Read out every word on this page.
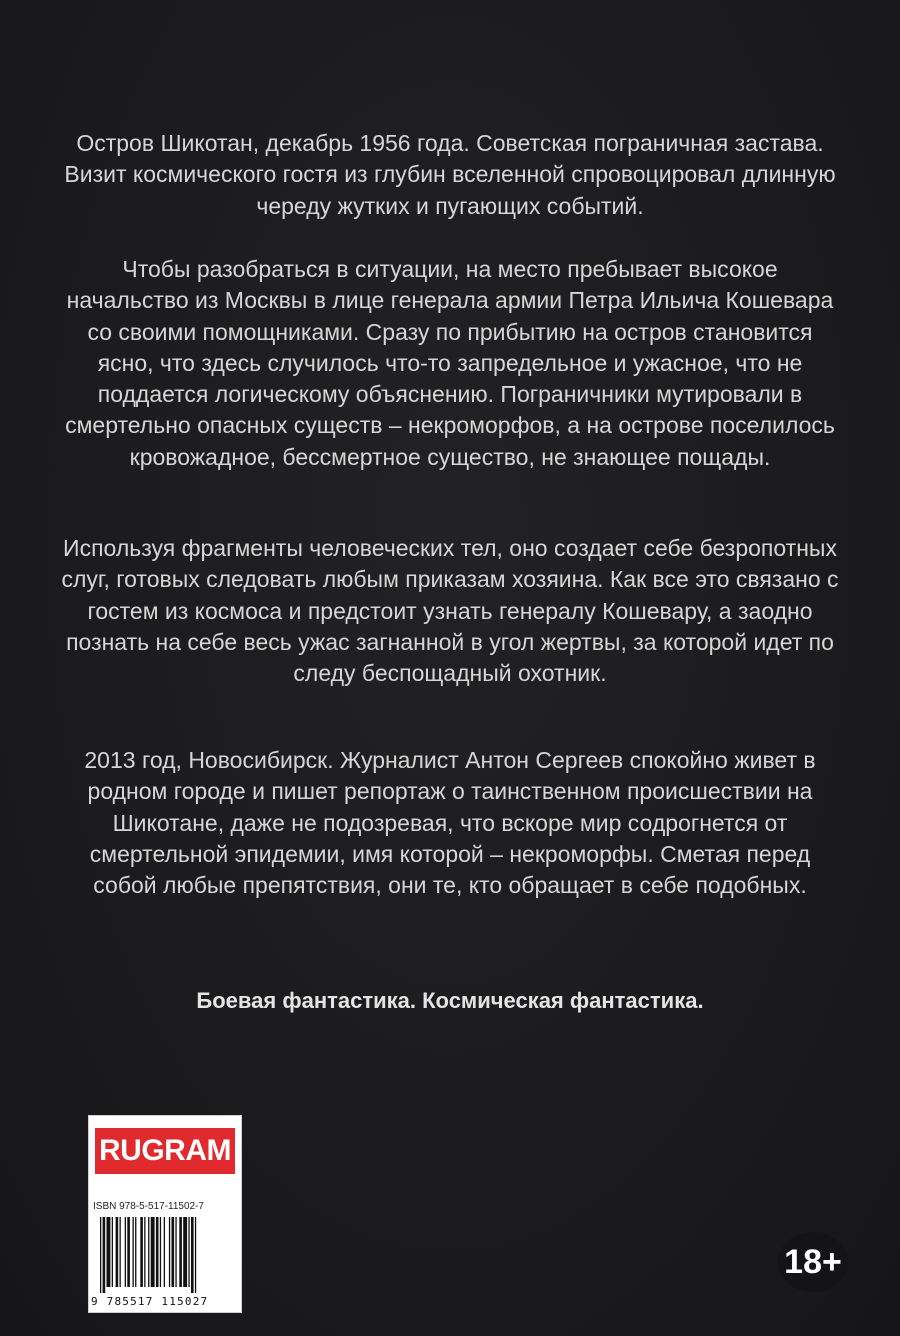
Остров Шикотан, декабрь 1956 года. Советская пограничная застава. Визит космического гостя из глубин вселенной спровоцировал длинную череду жутких и пугающих событий.

Чтобы разобраться в ситуации, на место пребывает высокое начальство из Москвы в лице генерала армии Петра Ильича Кошевара со своими помощниками. Сразу по прибытию на остров становится ясно, что здесь случилось что-то запредельное и ужасное, что не поддается логическому объяснению. Пограничники мутировали в смертельно опасных существ – некроморфов, а на острове поселилось кровожадное, бессмертное существо, не знающее пощады.

Используя фрагменты человеческих тел, оно создает себе безропотных слуг, готовых следовать любым приказам хозяина. Как все это связано с гостем из космоса и предстоит узнать генералу Кошевару, а заодно познать на себе весь ужас загнанной в угол жертвы, за которой идет по следу беспощадный охотник.

2013 год, Новосибирск. Журналист Антон Сергеев спокойно живет в родном городе и пишет репортаж о таинственном происшествии на Шикотане, даже не подозревая, что вскоре мир содрогнется от смертельной эпидемии, имя которой – некроморфы. Сметая перед собой любые препятствия, они те, кто обращает в себе подобных.

Боевая фантастика. Космическая фантастика.

RUGRAM
ISBN 978-5-517-11502-7
9 785517 115027
18+
